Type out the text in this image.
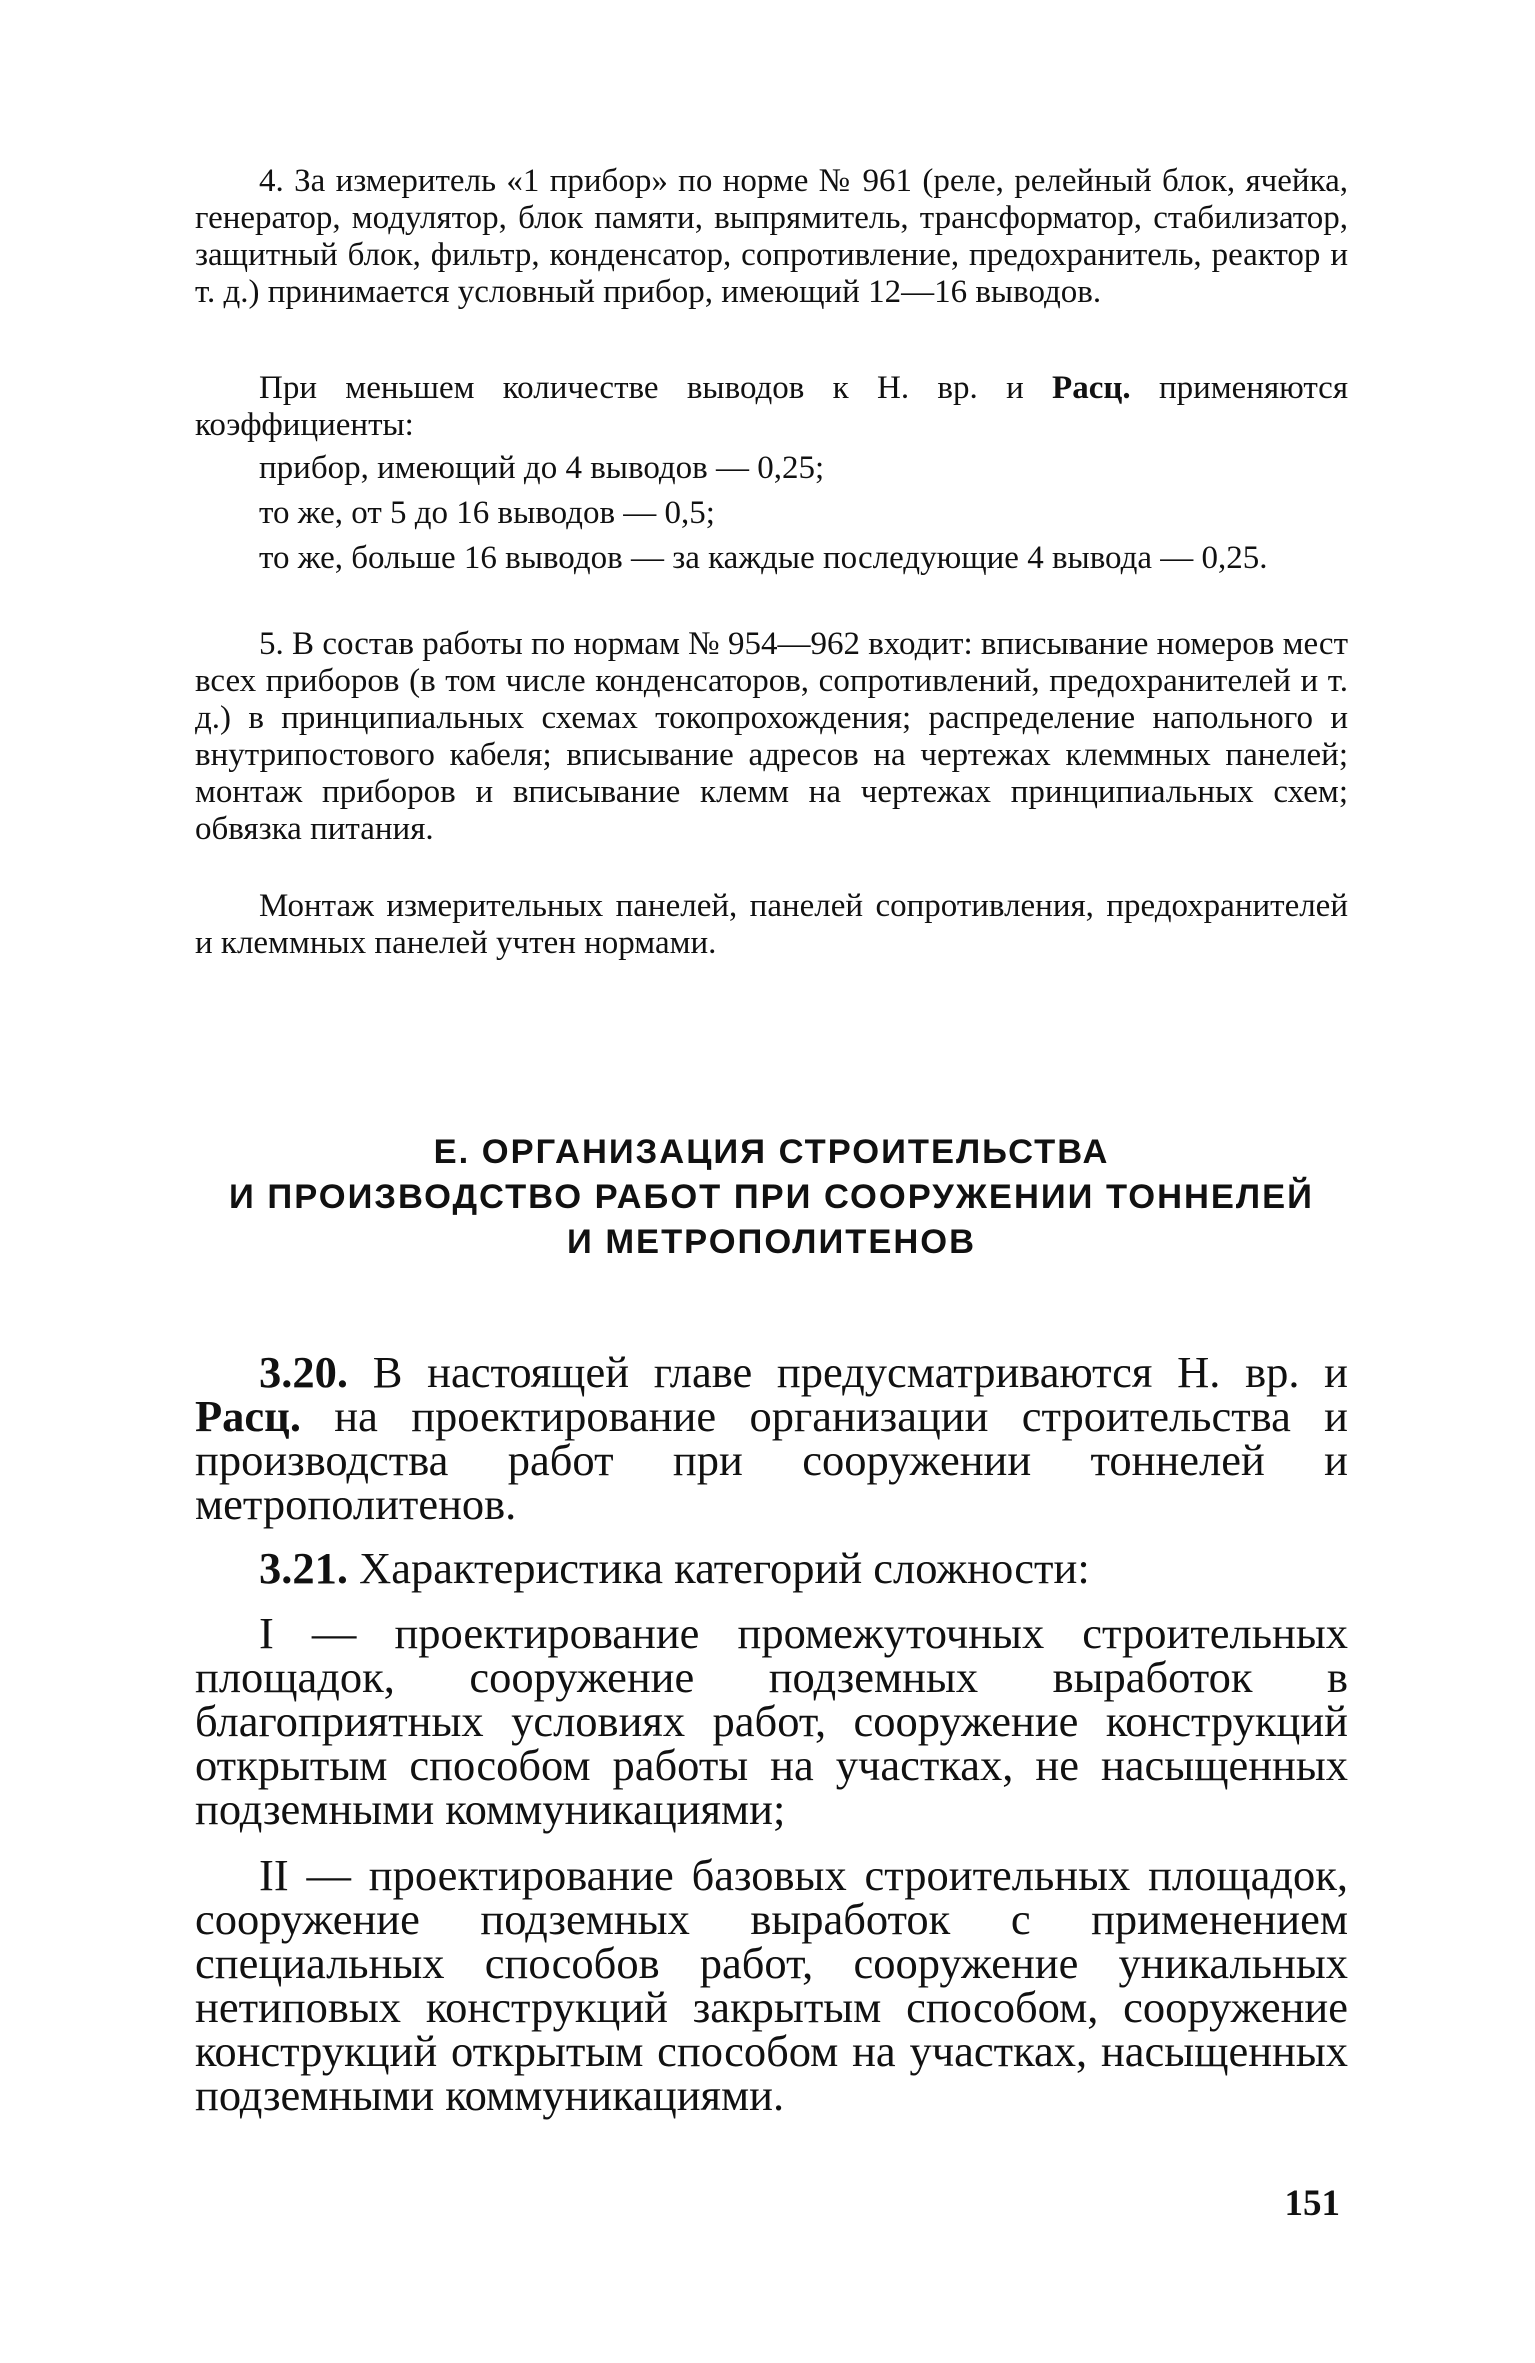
4. За измеритель «1 прибор» по норме № 961 (реле, релейный блок, ячейка, генератор, модулятор, блок памяти, выпрямитель, трансформатор, стабилизатор, защитный блок, фильтр, конденсатор, сопротивление, предохранитель, реактор и т. д.) принимается условный прибор, имеющий 12—16 выводов.

При меньшем количестве выводов к Н. вр. и Расц. применяются коэффициенты:

прибор, имеющий до 4 выводов — 0,25;

то же, от 5 до 16 выводов — 0,5;

то же, больше 16 выводов — за каждые последующие 4 вывода — 0,25.

5. В состав работы по нормам № 954—962 входит: вписывание номеров мест всех приборов (в том числе конденсаторов, сопротивлений, предохранителей и т. д.) в принципиальных схемах токопрохождения; распределение напольного и внутрипостового кабеля; вписывание адресов на чертежах клеммных панелей; монтаж приборов и вписывание клемм на чертежах принципиальных схем; обвязка питания.

Монтаж измерительных панелей, панелей сопротивления, предохранителей и клеммных панелей учтен нормами.

Е. ОРГАНИЗАЦИЯ СТРОИТЕЛЬСТВА
И ПРОИЗВОДСТВО РАБОТ ПРИ СООРУЖЕНИИ ТОННЕЛЕЙ
И МЕТРОПОЛИТЕНОВ

3.20. В настоящей главе предусматриваются Н. вр. и Расц. на проектирование организации строительства и производства работ при сооружении тоннелей и метрополитенов.

3.21. Характеристика категорий сложности:

I — проектирование промежуточных строительных площадок, сооружение подземных выработок в благоприятных условиях работ, сооружение конструкций открытым способом работы на участках, не насыщенных подземными коммуникациями;

II — проектирование базовых строительных площадок, сооружение подземных выработок с применением специальных способов работ, сооружение уникальных нетиповых конструкций закрытым способом, сооружение конструкций открытым способом на участках, насыщенных подземными коммуникациями.

151
